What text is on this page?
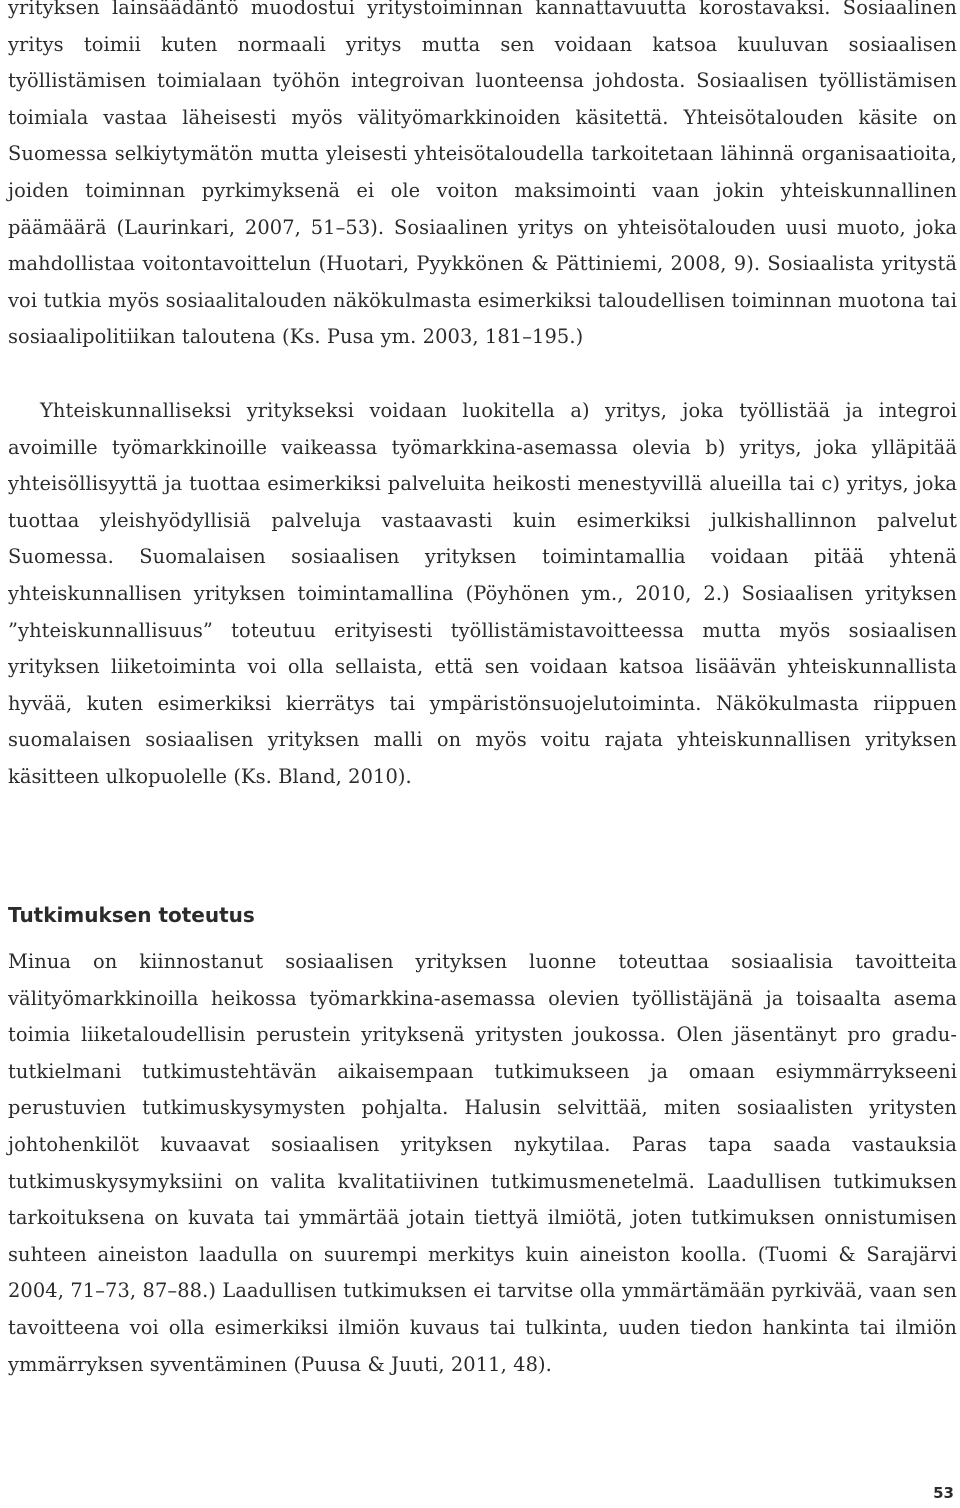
yrityksen lainsäädäntö muodostui yritystoiminnan kannattavuutta korostavaksi. Sosiaalinen yritys toimii kuten normaali yritys mutta sen voidaan katsoa kuuluvan sosiaalisen työllistämisen toimialaan työhön integroivan luonteensa johdosta. Sosiaalisen työllistämisen toimiala vastaa läheisesti myös välityömarkkinoiden käsitettä. Yhteisötalouden käsite on Suomessa selkiytymätön mutta yleisesti yhteisötaloudella tarkoitetaan lähinnä organisaatioita, joiden toiminnan pyrkimyksenä ei ole voiton maksimointi vaan jokin yhteiskunnallinen päämäärä (Laurinkari, 2007, 51–53). Sosiaalinen yritys on yhteisötalouden uusi muoto, joka mahdollistaa voitontavoittelun (Huotari, Pyykkönen & Pättiniemi, 2008, 9). Sosiaalista yritystä voi tutkia myös sosiaalitalouden näkökulmasta esimerkiksi taloudellisen toiminnan muotona tai sosiaalipolitiikan taloutena (Ks. Pusa ym. 2003, 181–195.)

Yhteiskunnalliseksi yritykseksi voidaan luokitella a) yritys, joka työllistää ja integroi avoimille työmarkkinoille vaikeassa työmarkkina-asemassa olevia b) yritys, joka ylläpitää yhteisöllisyyttä ja tuottaa esimerkiksi palveluita heikosti menestyvillä alueilla tai c) yritys, joka tuottaa yleishyödyllisiä palveluja vastaavasti kuin esimerkiksi julkishallinnon palvelut Suomessa. Suomalaisen sosiaalisen yrityksen toimintamallia voidaan pitää yhtenä yhteiskunnallisen yrityksen toimintamallina (Pöyhönen ym., 2010, 2.) Sosiaalisen yrityksen ”yhteiskunnallisuus” toteutuu erityisesti työllistämistavoitteessa mutta myös sosiaalisen yrityksen liiketoiminta voi olla sellaista, että sen voidaan katsoa lisäävän yhteiskunnallista hyvää, kuten esimerkiksi kierrätys tai ympäristönsuojelutoiminta. Näkökulmasta riippuen suomalaisen sosiaalisen yrityksen malli on myös voitu rajata yhteiskunnallisen yrityksen käsitteen ulkopuolelle (Ks. Bland, 2010).

Tutkimuksen toteutus

Minua on kiinnostanut sosiaalisen yrityksen luonne toteuttaa sosiaalisia tavoitteita välityömarkkinoilla heikossa työmarkkina-asemassa olevien työllistäjänä ja toisaalta asema toimia liiketaloudellisin perustein yrityksenä yritysten joukossa. Olen jäsentänyt pro gradu-tutkielmani tutkimustehtävän aikaisempaan tutkimukseen ja omaan esiymmärrykseeni perustuvien tutkimuskysymysten pohjalta. Halusin selvittää, miten sosiaalisten yritysten johtohenkilöt kuvaavat sosiaalisen yrityksen nykytilaa. Paras tapa saada vastauksia tutkimuskysymyksiini on valita kvalitatiivinen tutkimusmenetelmä. Laadullisen tutkimuksen tarkoituksena on kuvata tai ymmärtää jotain tiettyä ilmiötä, joten tutkimuksen onnistumisen suhteen aineiston laadulla on suurempi merkitys kuin aineiston koolla. (Tuomi & Sarajärvi 2004, 71–73, 87–88.) Laadullisen tutkimuksen ei tarvitse olla ymmärtämään pyrkivää, vaan sen tavoitteena voi olla esimerkiksi ilmiön kuvaus tai tulkinta, uuden tiedon hankinta tai ilmiön ymmärryksen syventäminen (Puusa & Juuti, 2011, 48).

53
